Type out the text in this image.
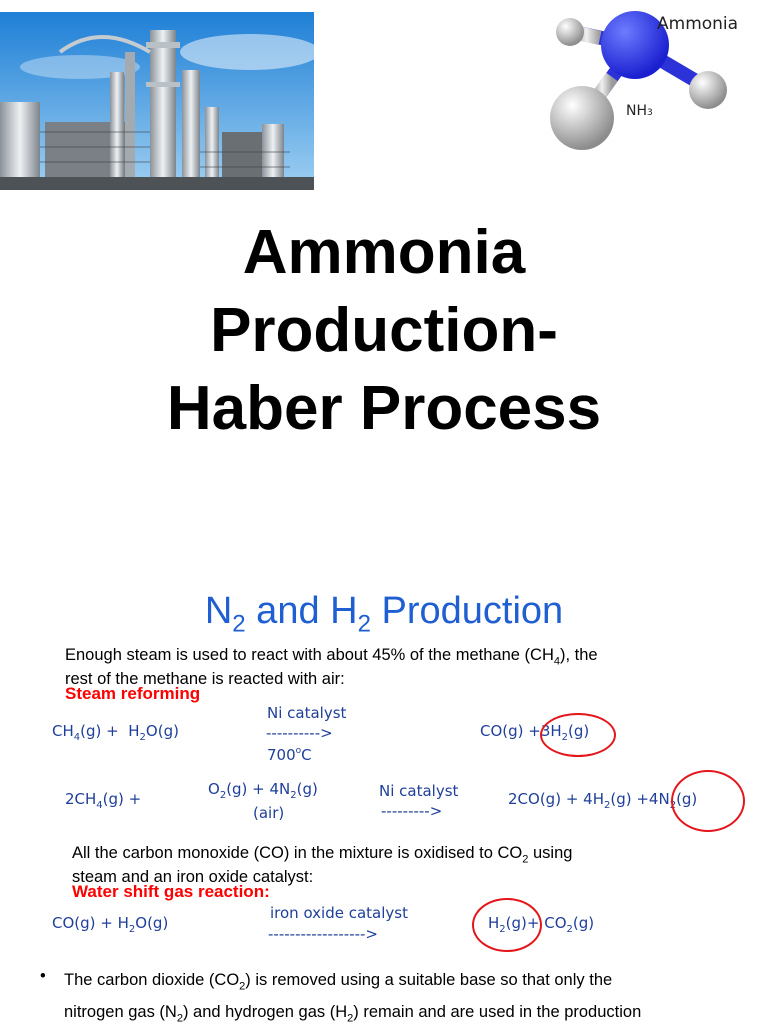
Ammonia
NH3
Ammonia
Production-
Haber Process
$N_2$ and $H_2$ Production
Enough steam is used to react with about 45% of the methane $(CH_4)$, the
rest of the methane is reacted with air:
Steam reforming
$CH_4(g) + H_2O(g)$
Ni catalyst
---------->
$700^oC$
$CO(g) +3H_2(g)$
$2CH_4(g)$ +
$O_2(g) + 4N_2(g)$
(air)
Ni catalyst
--------->
$2CO(g) + 4H_2(g) +4N_2(g)$
All the carbon monoxide (CO) in the mixture is oxidised to $CO_2$ using
steam and an iron oxide catalyst:
Water shift gas reaction:
$CO(g) + H_2O(g)$
iron oxide catalyst
------------------>
$H_2(g)+ CO_2(g)$
• The carbon dioxide $(CO_2)$ is removed using a suitable base so that only the
nitrogen gas $(N_2)$ and hydrogen gas $(H_2)$ remain and are used in the production
